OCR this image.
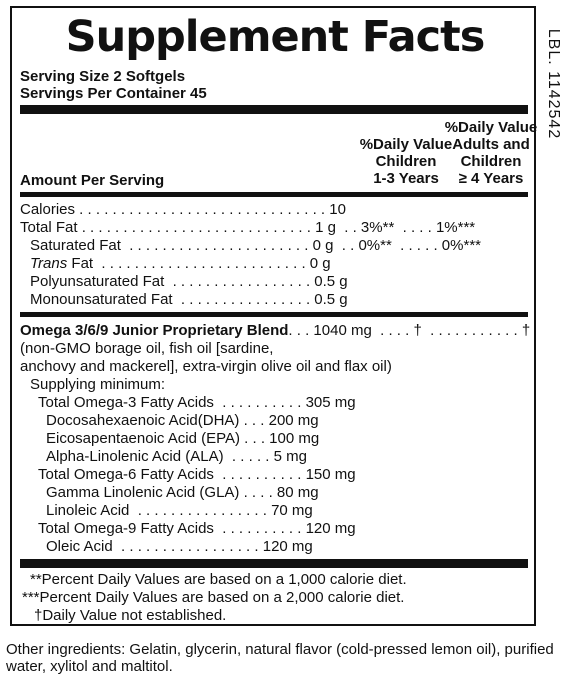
LBL. 1142542
Supplement Facts
Serving Size 2 Softgels
Servings Per Container 45
%Daily Value
Children
1-3 Years
%Daily Value
Adults and
Children
≥ 4 Years
Amount Per Serving
Calories . . . . . . . . . . . . . . . . . . . . . . . . . . . . . . 10
Total Fat . . . . . . . . . . . . . . . . . . . . . . . . . . . . 1 g  . . 3%**  . . . . 1%***
Saturated Fat  . . . . . . . . . . . . . . . . . . . . . . 0 g  . . 0%**  . . . . . 0%***
Trans Fat  . . . . . . . . . . . . . . . . . . . . . . . . . 0 g
Polyunsaturated Fat  . . . . . . . . . . . . . . . . . 0.5 g
Monounsaturated Fat  . . . . . . . . . . . . . . . . 0.5 g
Omega 3/6/9 Junior Proprietary Blend. . . 1040 mg  . . . . †  . . . . . . . . . . . †
(non-GMO borage oil, fish oil [sardine,
anchovy and mackerel], extra-virgin olive oil and flax oil)
Supplying minimum:
Total Omega-3 Fatty Acids  . . . . . . . . . . 305 mg
Docosahexaenoic Acid(DHA) . . . 200 mg
Eicosapentaenoic Acid (EPA) . . . 100 mg
Alpha-Linolenic Acid (ALA)  . . . . . 5 mg
Total Omega-6 Fatty Acids  . . . . . . . . . . 150 mg
Gamma Linolenic Acid (GLA) . . . . 80 mg
Linoleic Acid  . . . . . . . . . . . . . . . . 70 mg
Total Omega-9 Fatty Acids  . . . . . . . . . . 120 mg
Oleic Acid  . . . . . . . . . . . . . . . . . 120 mg
**Percent Daily Values are based on a 1,000 calorie diet.
***Percent Daily Values are based on a 2,000 calorie diet.
†Daily Value not established.
Other ingredients: Gelatin, glycerin, natural flavor (cold-pressed lemon oil), purified water, xylitol and maltitol.
